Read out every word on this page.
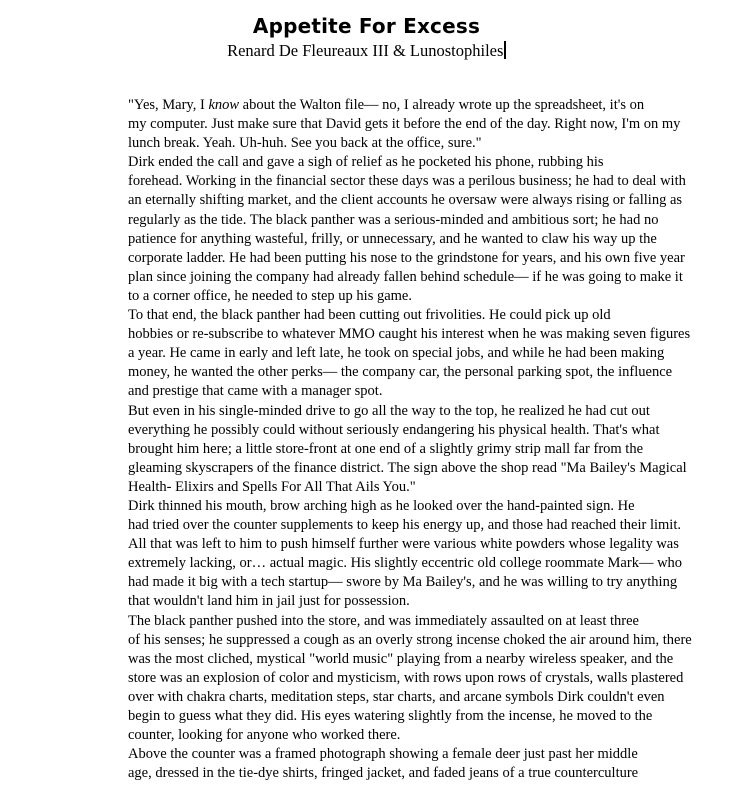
Appetite For Excess
Renard De Fleureaux III & Lunostophiles

"Yes, Mary, I know about the Walton file— no, I already wrote up the spreadsheet, it's on
my computer. Just make sure that David gets it before the end of the day. Right now, I'm on my
lunch break. Yeah. Uh-huh. See you back at the office, sure."

Dirk ended the call and gave a sigh of relief as he pocketed his phone, rubbing his
forehead. Working in the financial sector these days was a perilous business; he had to deal with
an eternally shifting market, and the client accounts he oversaw were always rising or falling as
regularly as the tide. The black panther was a serious-minded and ambitious sort; he had no
patience for anything wasteful, frilly, or unnecessary, and he wanted to claw his way up the
corporate ladder. He had been putting his nose to the grindstone for years, and his own five year
plan since joining the company had already fallen behind schedule— if he was going to make it
to a corner office, he needed to step up his game.

To that end, the black panther had been cutting out frivolities. He could pick up old
hobbies or re-subscribe to whatever MMO caught his interest when he was making seven figures
a year. He came in early and left late, he took on special jobs, and while he had been making
money, he wanted the other perks— the company car, the personal parking spot, the influence
and prestige that came with a manager spot.

But even in his single-minded drive to go all the way to the top, he realized he had cut out
everything he possibly could without seriously endangering his physical health. That's what
brought him here; a little store-front at one end of a slightly grimy strip mall far from the
gleaming skyscrapers of the finance district. The sign above the shop read "Ma Bailey's Magical
Health- Elixirs and Spells For All That Ails You."

Dirk thinned his mouth, brow arching high as he looked over the hand-painted sign. He
had tried over the counter supplements to keep his energy up, and those had reached their limit.
All that was left to him to push himself further were various white powders whose legality was
extremely lacking, or… actual magic. His slightly eccentric old college roommate Mark— who
had made it big with a tech startup— swore by Ma Bailey's, and he was willing to try anything
that wouldn't land him in jail just for possession.

The black panther pushed into the store, and was immediately assaulted on at least three
of his senses; he suppressed a cough as an overly strong incense choked the air around him, there
was the most cliched, mystical "world music" playing from a nearby wireless speaker, and the
store was an explosion of color and mysticism, with rows upon rows of crystals, walls plastered
over with chakra charts, meditation steps, star charts, and arcane symbols Dirk couldn't even
begin to guess what they did. His eyes watering slightly from the incense, he moved to the
counter, looking for anyone who worked there.

Above the counter was a framed photograph showing a female deer just past her middle
age, dressed in the tie-dye shirts, fringed jacket, and faded jeans of a true counterculture
